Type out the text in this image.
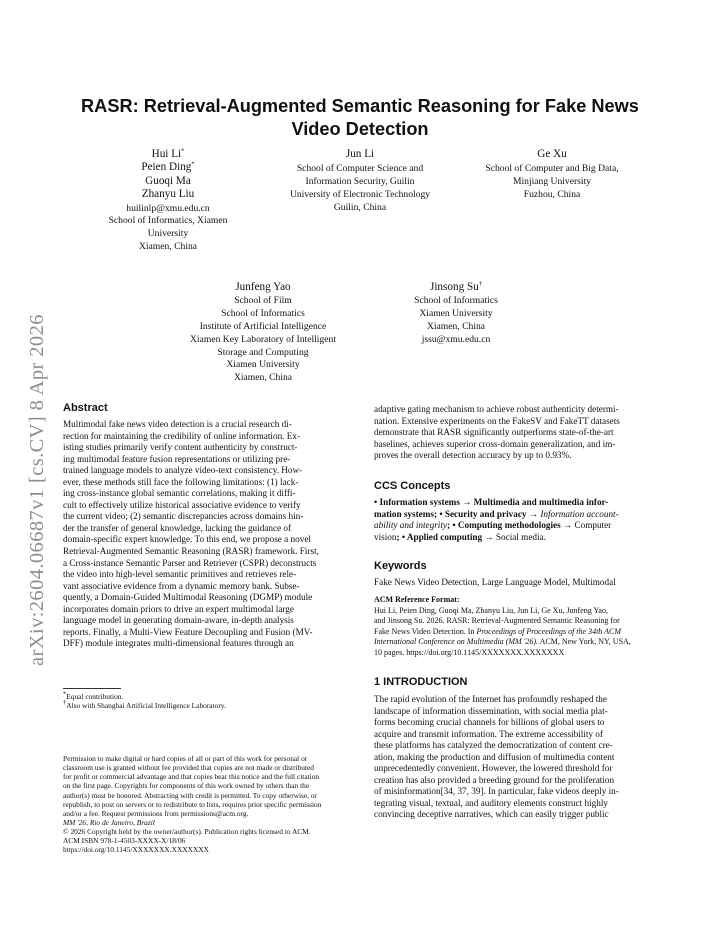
arXiv:2604.06687v1 [cs.CV] 8 Apr 2026
RASR: Retrieval-Augmented Semantic Reasoning for Fake News
Video Detection
Hui Li*
Peien Ding*
Guoqi Ma
Zhanyu Liu
huilinlp@xmu.edu.cn
School of Informatics, Xiamen
University
Xiamen, China
Jun Li
School of Computer Science and
Information Security, Guilin
University of Electronic Technology
Guilin, China
Ge Xu
School of Computer and Big Data,
Minjiang University
Fuzhou, China
Junfeng Yao
School of Film
School of Informatics
Institute of Artificial Intelligence
Xiamen Key Laboratory of Intelligent
Storage and Computing
Xiamen University
Xiamen, China
Jinsong Su†
School of Informatics
Xiamen University
Xiamen, China
jssu@xmu.edu.cn
Abstract
Multimodal fake news video detection is a crucial research di-
rection for maintaining the credibility of online information. Ex-
isting studies primarily verify content authenticity by construct-
ing multimodal feature fusion representations or utilizing pre-
trained language models to analyze video-text consistency. How-
ever, these methods still face the following limitations: (1) lack-
ing cross-instance global semantic correlations, making it diffi-
cult to effectively utilize historical associative evidence to verify
the current video; (2) semantic discrepancies across domains hin-
der the transfer of general knowledge, lacking the guidance of
domain-specific expert knowledge. To this end, we propose a novel
Retrieval-Augmented Semantic Reasoning (RASR) framework. First,
a Cross-instance Semantic Parser and Retriever (CSPR) deconstructs
the video into high-level semantic primitives and retrieves rele-
vant associative evidence from a dynamic memory bank. Subse-
quently, a Domain-Guided Multimodal Reasoning (DGMP) module
incorporates domain priors to drive an expert multimodal large
language model in generating domain-aware, in-depth analysis
reports. Finally, a Multi-View Feature Decoupling and Fusion (MV-
DFF) module integrates multi-dimensional features through an
*Equal contribution.
†Also with Shanghai Artificial Intelligence Laboratory.
Permission to make digital or hard copies of all or part of this work for personal or
classroom use is granted without fee provided that copies are not made or distributed
for profit or commercial advantage and that copies bear this notice and the full citation
on the first page. Copyrights for components of this work owned by others than the
author(s) must be honored. Abstracting with credit is permitted. To copy otherwise, or
republish, to post on servers or to redistribute to lists, requires prior specific permission
and/or a fee. Request permissions from permissions@acm.org.
MM '26, Rio de Janeiro, Brazil
© 2026 Copyright held by the owner/author(s). Publication rights licensed to ACM.
ACM ISBN 978-1-4503-XXXX-X/18/06
https://doi.org/10.1145/XXXXXXX.XXXXXXX
adaptive gating mechanism to achieve robust authenticity determi-
nation. Extensive experiments on the FakeSV and FakeTT datasets
demonstrate that RASR significantly outperforms state-of-the-art
baselines, achieves superior cross-domain generalization, and im-
proves the overall detection accuracy by up to 0.93%.
CCS Concepts
• Information systems → Multimedia and multimedia infor-
mation systems; • Security and privacy → Information account-
ability and integrity; • Computing methodologies → Computer
vision; • Applied computing → Social media.
Keywords
Fake News Video Detection, Large Language Model, Multimodal
ACM Reference Format:
Hui Li, Peien Ding, Guoqi Ma, Zhanyu Liu, Jun Li, Ge Xu, Junfeng Yao,
and Jinsong Su. 2026. RASR: Retrieval-Augmented Semantic Reasoning for
Fake News Video Detection. In Proceedings of Proceedings of the 34th ACM
International Conference on Multimedia (MM '26). ACM, New York, NY, USA,
10 pages. https://doi.org/10.1145/XXXXXXX.XXXXXXX
1 INTRODUCTION
The rapid evolution of the Internet has profoundly reshaped the
landscape of information dissemination, with social media plat-
forms becoming crucial channels for billions of global users to
acquire and transmit information. The extreme accessibility of
these platforms has catalyzed the democratization of content cre-
ation, making the production and diffusion of multimedia content
unprecedentedly convenient. However, the lowered threshold for
creation has also provided a breeding ground for the proliferation
of misinformation[34, 37, 39]. In particular, fake videos deeply in-
tegrating visual, textual, and auditory elements construct highly
convincing deceptive narratives, which can easily trigger public
